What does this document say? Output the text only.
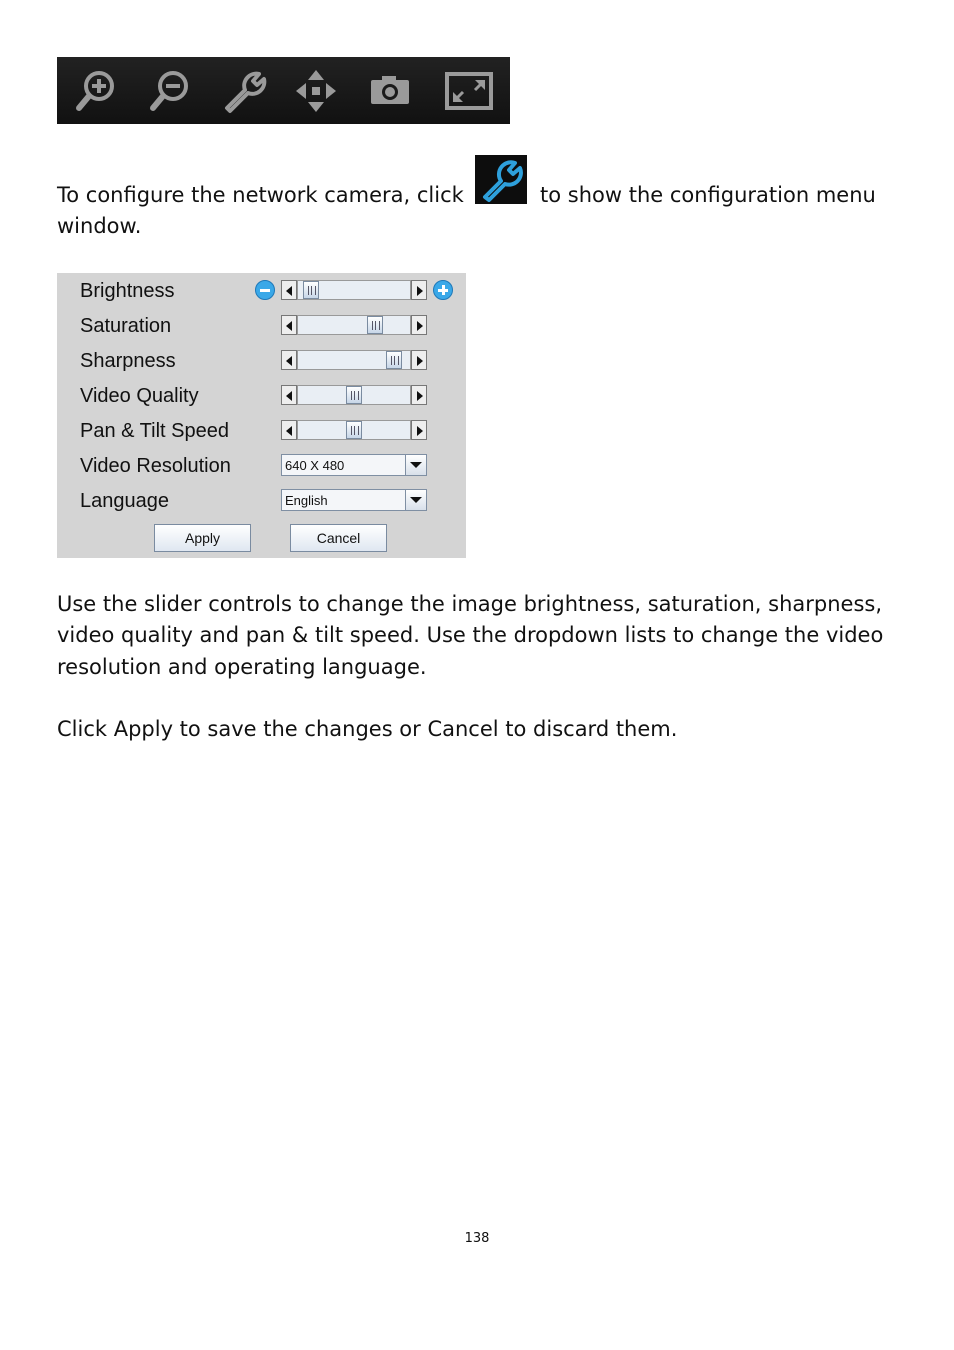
To configure the network camera, click	to show the configuration menu

window.

Brightness
Saturation
Sharpness
Video Quality
Pan & Tilt Speed
Video Resolution	640 X 480
Language	English
Apply	Cancel

Use the slider controls to change the image brightness, saturation, sharpness,

video quality and pan & tilt speed. Use the dropdown lists to change the video

resolution and operating language.

Click Apply to save the changes or Cancel to discard them.

138
